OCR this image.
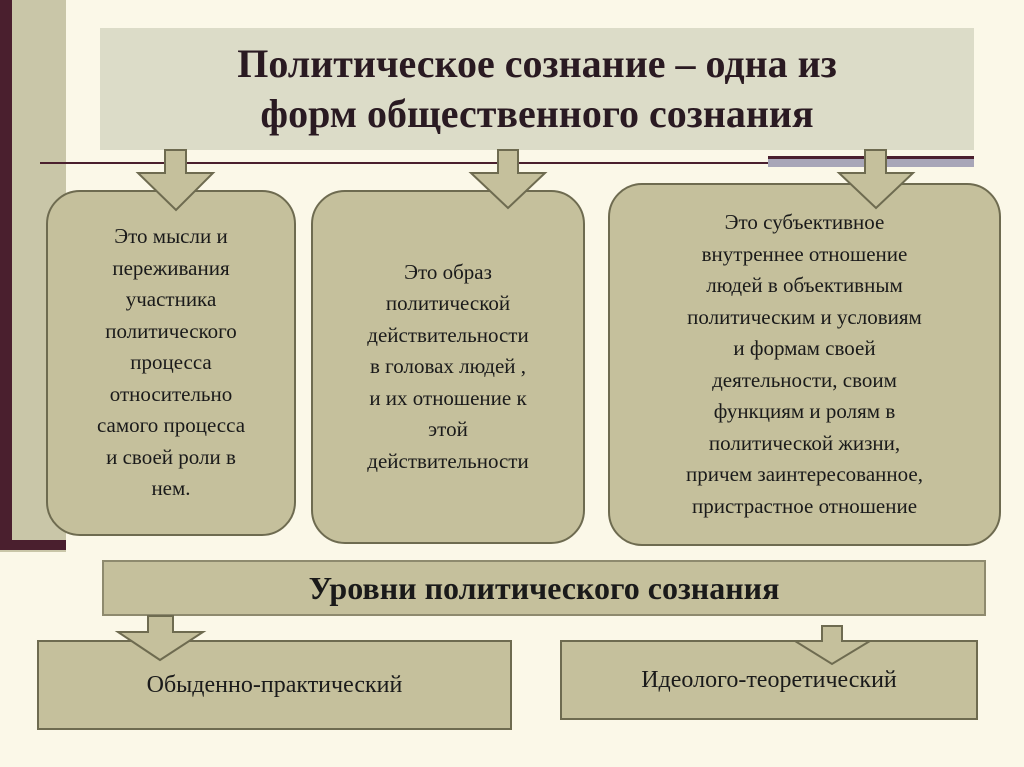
Политическое сознание – одна из
форм общественного сознания
Это мысли и
переживания
участника
политического
процесса
относительно
самого процесса
и своей роли в
нем.
Это образ
политической
действительности
в головах людей ,
и их отношение к
этой
действительности
Это субъективное
внутреннее отношение
людей в объективным
политическим и условиям
и формам своей
деятельности, своим
функциям и ролям в
политической жизни,
причем заинтересованное,
пристрастное отношение
Уровни политического сознания
Обыденно-практический	Идеолого-теоретический
